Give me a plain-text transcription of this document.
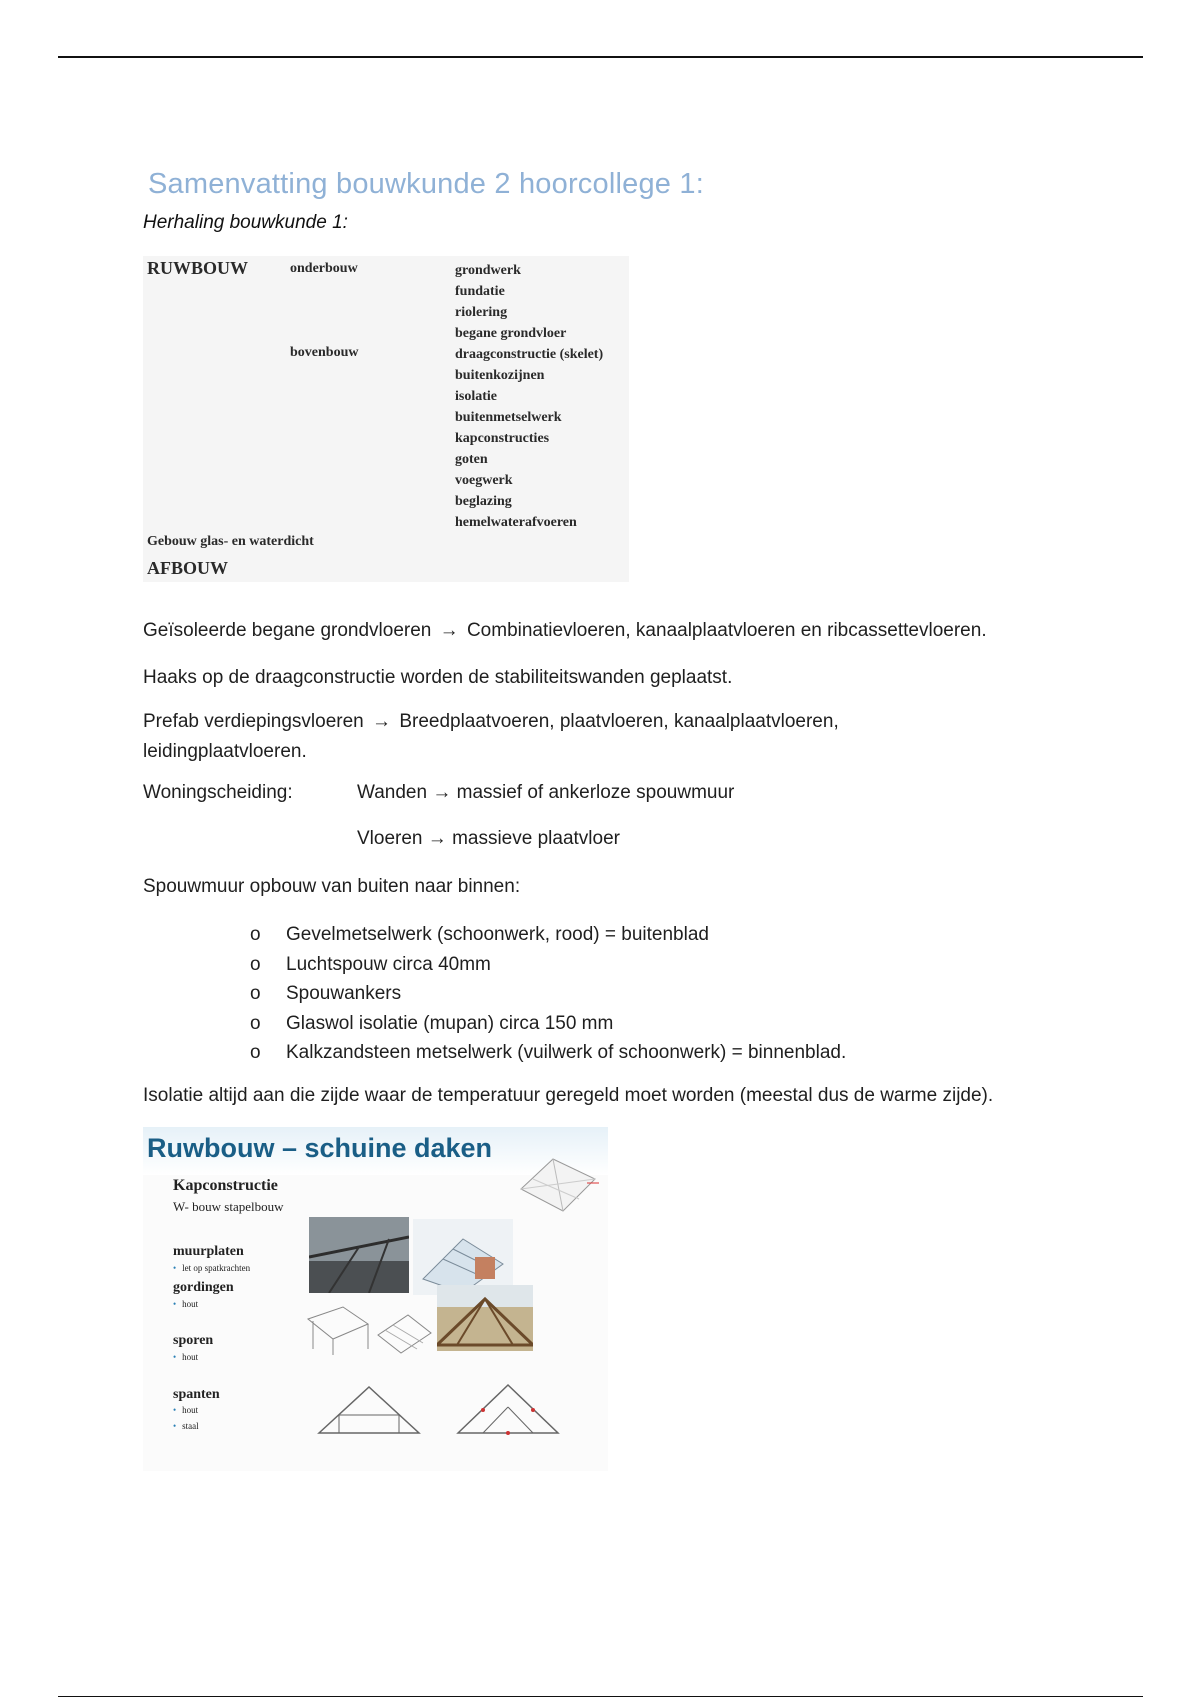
Samenvatting bouwkunde 2 hoorcollege 1:
Herhaling bouwkunde 1:
RUWBOUW	onderbouw
bovenbouw
grondwerk
fundatie
riolering
begane grondvloer
draagconstructie (skelet)
buitenkozijnen
isolatie
buitenmetselwerk
kapconstructies
goten
voegwerk
beglazing
hemelwaterafvoeren
Gebouw glas- en waterdicht
AFBOUW
Geïsoleerde begane grondvloeren → Combinatievloeren, kanaalplaatvloeren en ribcassettevloeren.
Haaks op de draagconstructie worden de stabiliteitswanden geplaatst.
Prefab verdiepingsvloeren → Breedplaatvoeren, plaatvloeren, kanaalplaatvloeren,
leidingplaatvloeren.
Woningscheiding:	Wanden → massief of ankerloze spouwmuur
Vloeren → massieve plaatvloer
Spouwmuur opbouw van buiten naar binnen:
o Gevelmetselwerk (schoonwerk, rood) = buitenblad
o Luchtspouw circa 40mm
o Spouwankers
o Glaswol isolatie (mupan) circa 150 mm
o Kalkzandsteen metselwerk (vuilwerk of schoonwerk) = binnenblad.
Isolatie altijd aan die zijde waar de temperatuur geregeld moet worden (meestal dus de warme zijde).
Ruwbouw – schuine daken
Kapconstructie
W- bouw stapelbouw
muurplaten
• let op spatkrachten
gordingen
• hout
sporen
• hout
spanten
• hout
• staal
